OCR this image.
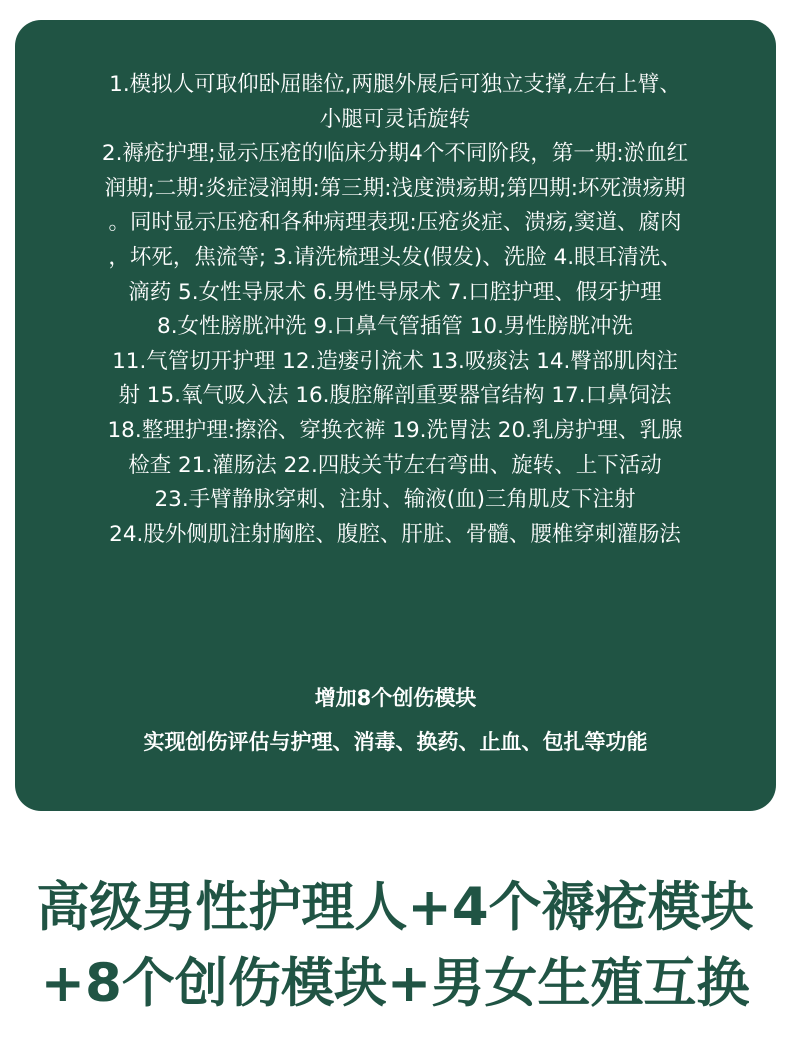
1.模拟人可取仰卧屈睦位,两腿外展后可独立支撑,左右上臂、
小腿可灵话旋转
2.褥疮护理;显示压疮的临床分期4个不同阶段，第一期:淤血红
润期;二期:炎症浸润期:第三期:浅度溃疡期;第四期:坏死溃疡期
。同时显示压疮和各种病理表现:压疮炎症、溃疡,窦道、腐肉
，坏死，焦流等; 3.请洗梳理头发(假发)、洗脸 4.眼耳清洗、
滴药 5.女性导尿术 6.男性导尿术 7.口腔护理、假牙护理
8.女性膀胱冲洗 9.口鼻气管插管 10.男性膀胱冲洗
11.气管切开护理 12.造瘘引流术 13.吸痰法 14.臀部肌肉注
射 15.氧气吸入法 16.腹腔解剖重要器官结构 17.口鼻饲法
18.整理护理:擦浴、穿换衣裤 19.洗胃法 20.乳房护理、乳腺
检查 21.灌肠法 22.四肢关节左右弯曲、旋转、上下活动
23.手臂静脉穿刺、注射、输液(血)三角肌皮下注射
24.股外侧肌注射胸腔、腹腔、肝脏、骨髓、腰椎穿刺灌肠法

增加8个创伤模块

实现创伤评估与护理、消毒、换药、止血、包扎等功能

高级男性护理人+4个褥疮模块
+8个创伤模块+男女生殖互换
